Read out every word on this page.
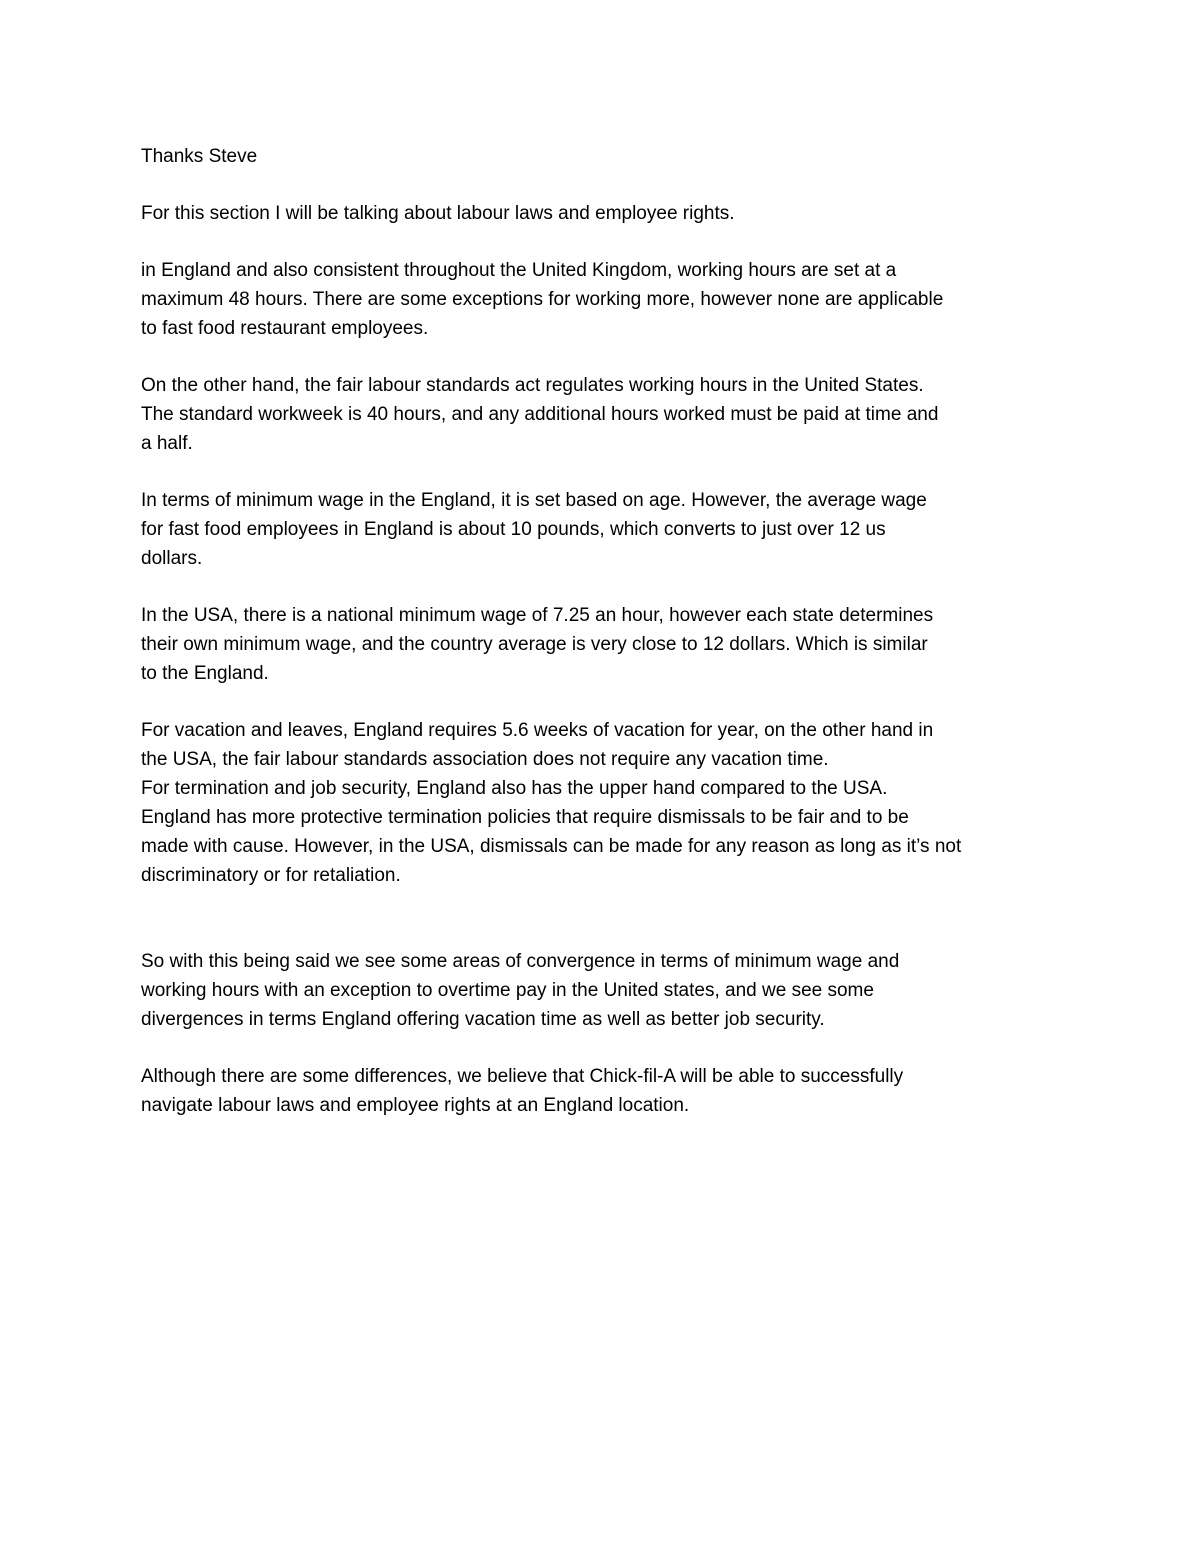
Thanks Steve

For this section I will be talking about labour laws and employee rights.

in England and also consistent throughout the United Kingdom, working hours are set at a
maximum 48 hours. There are some exceptions for working more, however none are applicable
to fast food restaurant employees.

On the other hand, the fair labour standards act regulates working hours in the United States.
The standard workweek is 40 hours, and any additional hours worked must be paid at time and
a half.

In terms of minimum wage in the England, it is set based on age. However, the average wage
for fast food employees in England is about 10 pounds, which converts to just over 12 us
dollars.

In the USA, there is a national minimum wage of 7.25 an hour, however each state determines
their own minimum wage, and the country average is very close to 12 dollars. Which is similar
to the England.

For vacation and leaves, England requires 5.6 weeks of vacation for year, on the other hand in
the USA, the fair labour standards association does not require any vacation time.

For termination and job security, England also has the upper hand compared to the USA.
England has more protective termination policies that require dismissals to be fair and to be
made with cause. However, in the USA, dismissals can be made for any reason as long as it’s not
discriminatory or for retaliation.

So with this being said we see some areas of convergence in terms of minimum wage and
working hours with an exception to overtime pay in the United states, and we see some
divergences in terms England offering vacation time as well as better job security.

Although there are some differences, we believe that Chick-fil-A will be able to successfully
navigate labour laws and employee rights at an England location.
